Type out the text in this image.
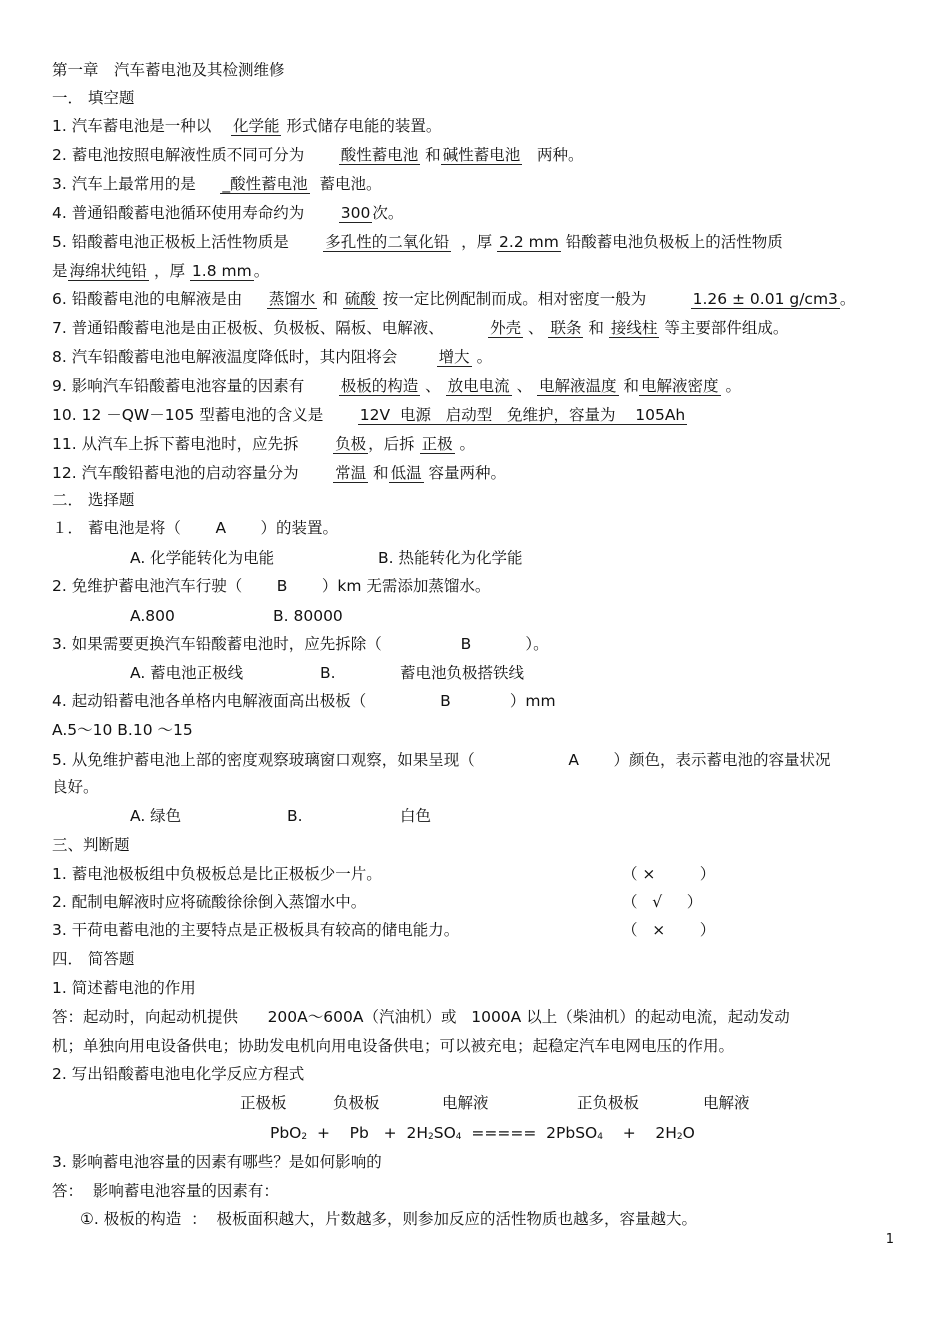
第一章　汽车蓄电池及其检测维修
一． 填空题
1. 汽车蓄电池是一种以 化学能 形式储存电能的装置。
2. 蓄电池按照电解液性质不同可分为 酸性蓄电池 和 碱性蓄电池 两种。
3. 汽车上最常用的是 _酸性蓄电池 蓄电池。
4. 普通铅酸蓄电池循环使用寿命约为 300 次。
5. 铅酸蓄电池正极板上活性物质是 多孔性的二氧化铅 ，厚 2.2 mm 铅酸蓄电池负极板上的活性物质
是 海绵状纯铅 ，厚 1.8 mm 。
6. 铅酸蓄电池的电解液是由 蒸馏水 和 硫酸 按一定比例配制而成。相对密度一般为	1.26 ± 0.01 g/cm3 。
7. 普通铅酸蓄电池是由正极板、负极板、隔板、电解液、	外壳 、 联条 和 接线柱 等主要部件组成。
8. 汽车铅酸蓄电池电解液温度降低时，其内阻将会	增大 。
9. 影响汽车铅酸蓄电池容量的因素有 极板的构造 、 放电电流 、 电解液温度 和 电解液密度 。
10. 12 －QW－105 型蓄电池的含义是 12V  电源   启动型   免维护，容量为    105Ah
11. 从汽车上拆下蓄电池时，应先拆 负极 ，后拆 正极 。
12. 汽车酸铅蓄电池的启动容量分为 常温 和 低温 容量两种。
二． 选择题
１． 蓄电池是将（ A ）的装置。
A. 化学能转化为电能	B. 热能转化为化学能
2. 免维护蓄电池汽车行驶（ B ）km 无需添加蒸馏水。
A.800	B. 80000
3. 如果需要更换汽车铅酸蓄电池时，应先拆除（	B	）。
A. 蓄电池正极线	B.	蓄电池负极搭铁线
4. 起动铅蓄电池各单格内电解液面高出极板（	B	）mm
A.5～10 B.10 ～15
5. 从免维护蓄电池上部的密度观察玻璃窗口观察，如果呈现（	A ）颜色，表示蓄电池的容量状况
良好。
A. 绿色	B.	白色
三、判断题
1. 蓄电池极板组中负极板总是比正极板少一片。	（ ×         ）
2. 配制电解液时应将硫酸徐徐倒入蒸馏水中。	（   √     ）
3. 干荷电蓄电池的主要特点是正极板具有较高的储电能力。	（   ×       ）
四． 简答题
1. 简述蓄电池的作用
答：起动时，向起动机提供      200A～600A（汽油机）或   1000A 以上（柴油机）的起动电流，起动发动
机；单独向用电设备供电；协助发电机向用电设备供电；可以被充电；起稳定汽车电网电压的作用。
2. 写出铅酸蓄电池电化学反应方程式
正极板	负极板	电解液	正负极板	电解液
PbO2  +    Pb   +  2H2SO4  =====  2PbSO4    +    2H2O
3. 影响蓄电池容量的因素有哪些？是如何影响的
答：  影响蓄电池容量的因素有：
①. 极板的构造  ：  极板面积越大，片数越多，则参加反应的活性物质也越多，容量越大。
1
